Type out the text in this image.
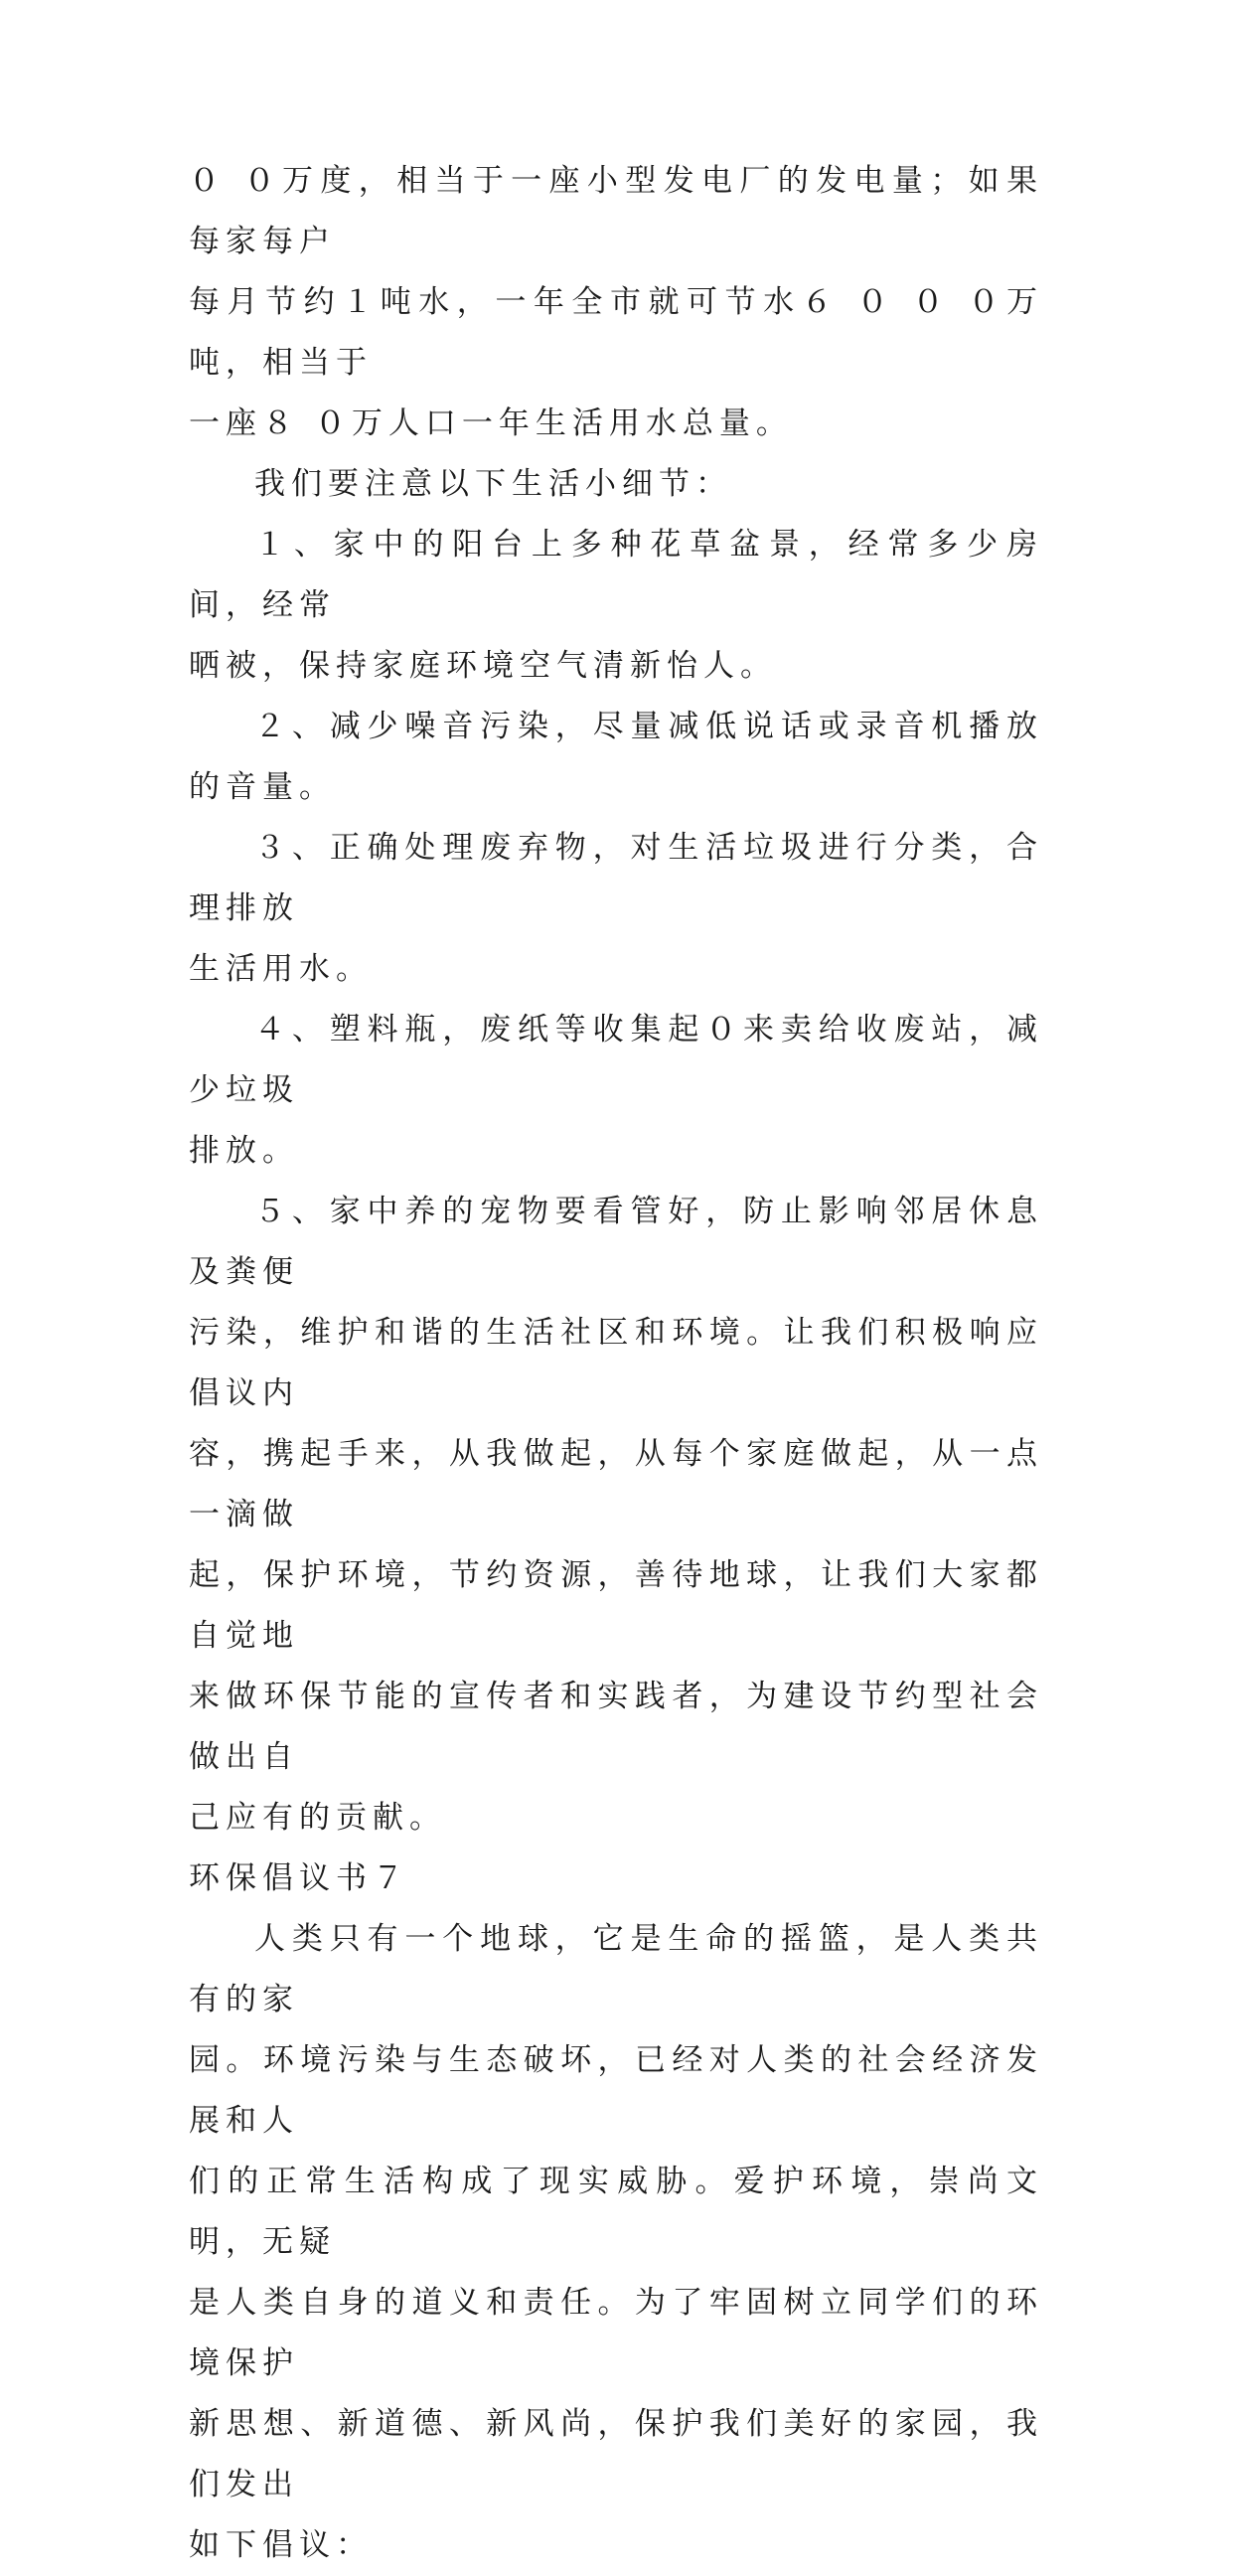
０ ０万度，相当于一座小型发电厂的发电量；如果每家每户
每月节约１吨水，一年全市就可节水６ ０ ０ ０万吨，相当于
一座８ ０万人口一年生活用水总量。

我们要注意以下生活小细节：

１、家中的阳台上多种花草盆景，经常多少房间，经常
晒被，保持家庭环境空气清新怡人。

２、减少噪音污染，尽量减低说话或录音机播放的音量。

３、正确处理废弃物，对生活垃圾进行分类，合理排放
生活用水。

４、塑料瓶，废纸等收集起０来卖给收废站，减少垃圾
排放。

５、家中养的宠物要看管好，防止影响邻居休息及粪便
污染，维护和谐的生活社区和环境。让我们积极响应倡议内
容，携起手来，从我做起，从每个家庭做起，从一点一滴做
起，保护环境，节约资源，善待地球，让我们大家都自觉地
来做环保节能的宣传者和实践者，为建设节约型社会做出自
己应有的贡献。

环保倡议书７

人类只有一个地球，它是生命的摇篮，是人类共有的家
园。环境污染与生态破坏，已经对人类的社会经济发展和人
们的正常生活构成了现实威胁。爱护环境，崇尚文明，无疑
是人类自身的道义和责任。为了牢固树立同学们的环境保护
新思想、新道德、新风尚，保护我们美好的家园，我们发出
如下倡议：
